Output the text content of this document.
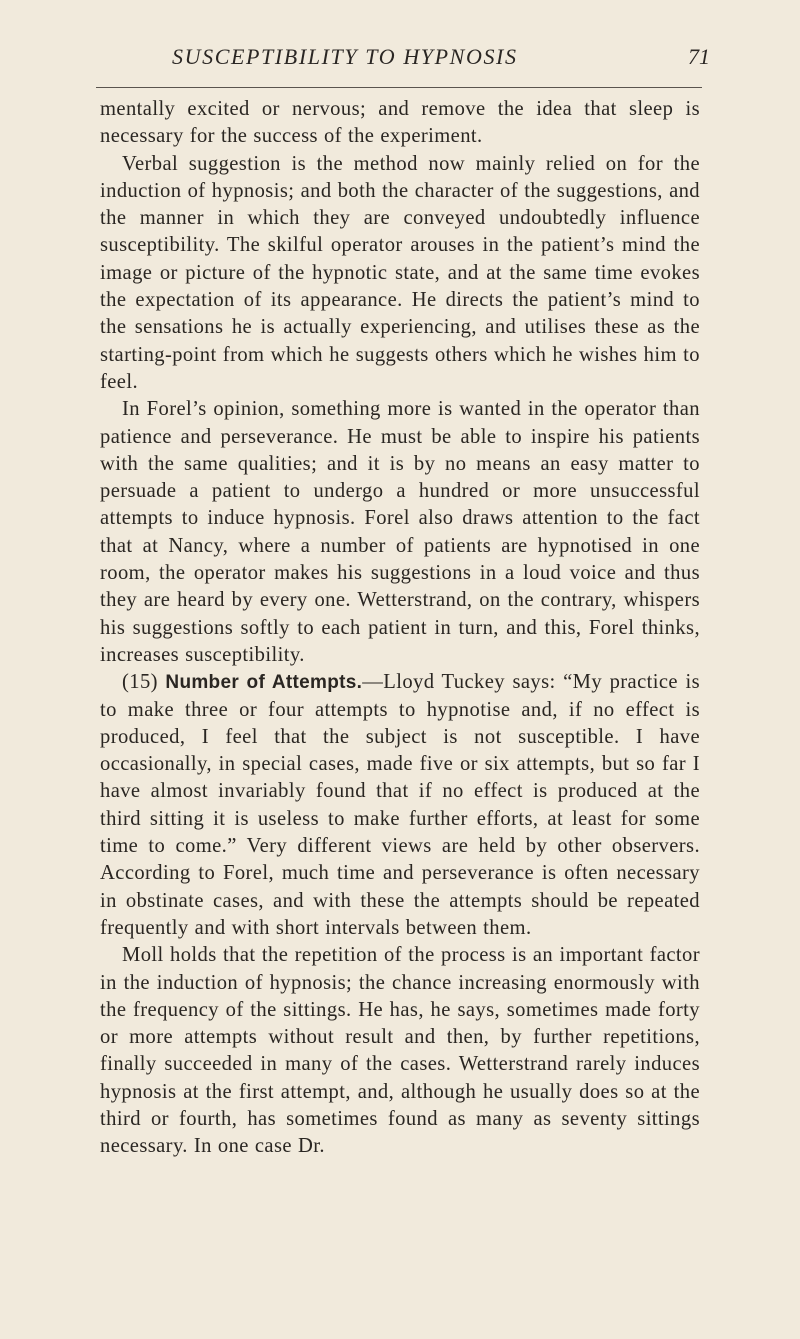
SUSCEPTIBILITY TO HYPNOSIS	71

mentally excited or nervous; and remove the idea that sleep is necessary for the success of the experiment.

Verbal suggestion is the method now mainly relied on for the induction of hypnosis; and both the character of the suggestions, and the manner in which they are conveyed undoubtedly influence susceptibility. The skilful operator arouses in the patient’s mind the image or picture of the hypnotic state, and at the same time evokes the expectation of its appearance. He directs the patient’s mind to the sensations he is actually experiencing, and utilises these as the starting-point from which he suggests others which he wishes him to feel.

In Forel’s opinion, something more is wanted in the operator than patience and perseverance. He must be able to inspire his patients with the same qualities; and it is by no means an easy matter to persuade a patient to undergo a hundred or more unsuccessful attempts to induce hypnosis. Forel also draws attention to the fact that at Nancy, where a number of patients are hypnotised in one room, the operator makes his suggestions in a loud voice and thus they are heard by every one. Wetterstrand, on the contrary, whispers his suggestions softly to each patient in turn, and this, Forel thinks, increases susceptibility.

(15) Number of Attempts.—Lloyd Tuckey says: “My practice is to make three or four attempts to hypnotise and, if no effect is produced, I feel that the subject is not susceptible. I have occasionally, in special cases, made five or six attempts, but so far I have almost invariably found that if no effect is produced at the third sitting it is useless to make further efforts, at least for some time to come.” Very different views are held by other observers. According to Forel, much time and perseverance is often necessary in obstinate cases, and with these the attempts should be repeated frequently and with short intervals between them.

Moll holds that the repetition of the process is an important factor in the induction of hypnosis; the chance increasing enormously with the frequency of the sittings. He has, he says, sometimes made forty or more attempts without result and then, by further repetitions, finally succeeded in many of the cases. Wetterstrand rarely induces hypnosis at the first attempt, and, although he usually does so at the third or fourth, has sometimes found as many as seventy sittings necessary. In one case Dr.
